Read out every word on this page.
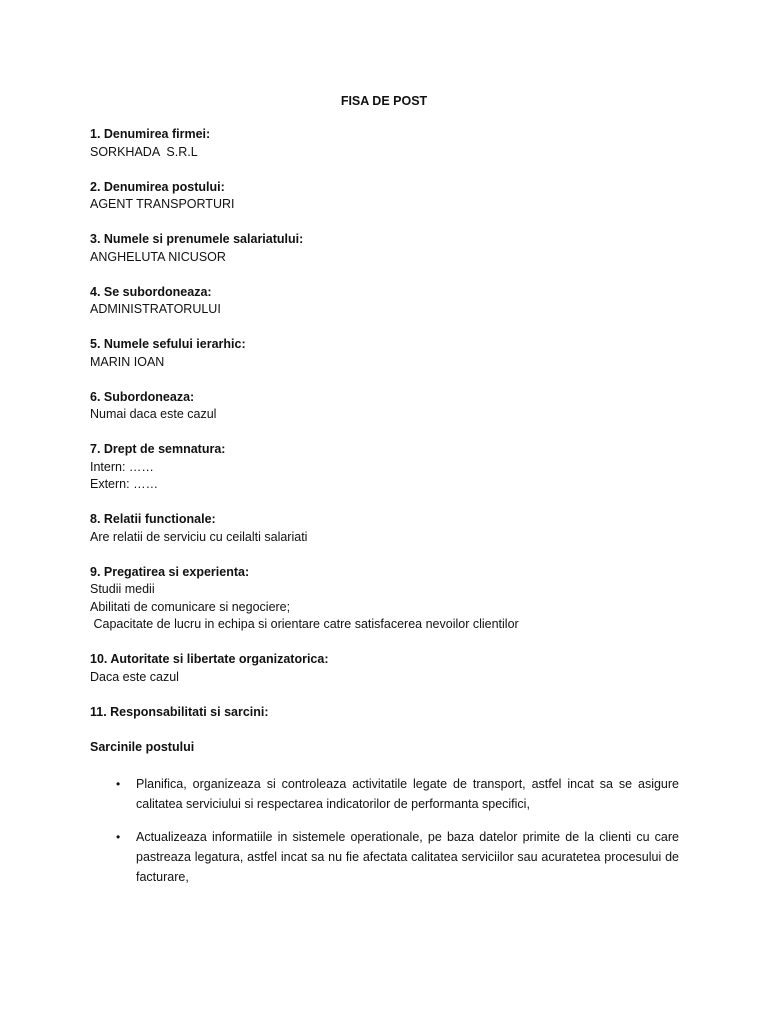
FISA DE POST
1. Denumirea firmei:
SORKHADA  S.R.L
2. Denumirea postului:
AGENT TRANSPORTURI
3. Numele si prenumele salariatului:
ANGHELUTA NICUSOR
4. Se subordoneaza:
ADMINISTRATORULUI
5. Numele sefului ierarhic:
MARIN IOAN
6. Subordoneaza:
Numai daca este cazul
7. Drept de semnatura:
Intern: ……
Extern: ……
8. Relatii functionale:
Are relatii de serviciu cu ceilalti salariati
9. Pregatirea si experienta:
Studii medii
Abilitati de comunicare si negociere;
Capacitate de lucru in echipa si orientare catre satisfacerea nevoilor clientilor
10. Autoritate si libertate organizatorica:
Daca este cazul
11. Responsabilitati si sarcini:
Sarcinile postului
• Planifica, organizeaza si controleaza activitatile legate de transport, astfel incat sa se asigure calitatea serviciului si respectarea indicatorilor de performanta specifici,
• Actualizeaza informatiile in sistemele operationale, pe baza datelor primite de la clienti cu care pastreaza legatura, astfel incat sa nu fie afectata calitatea serviciilor sau acuratetea procesului de facturare,
